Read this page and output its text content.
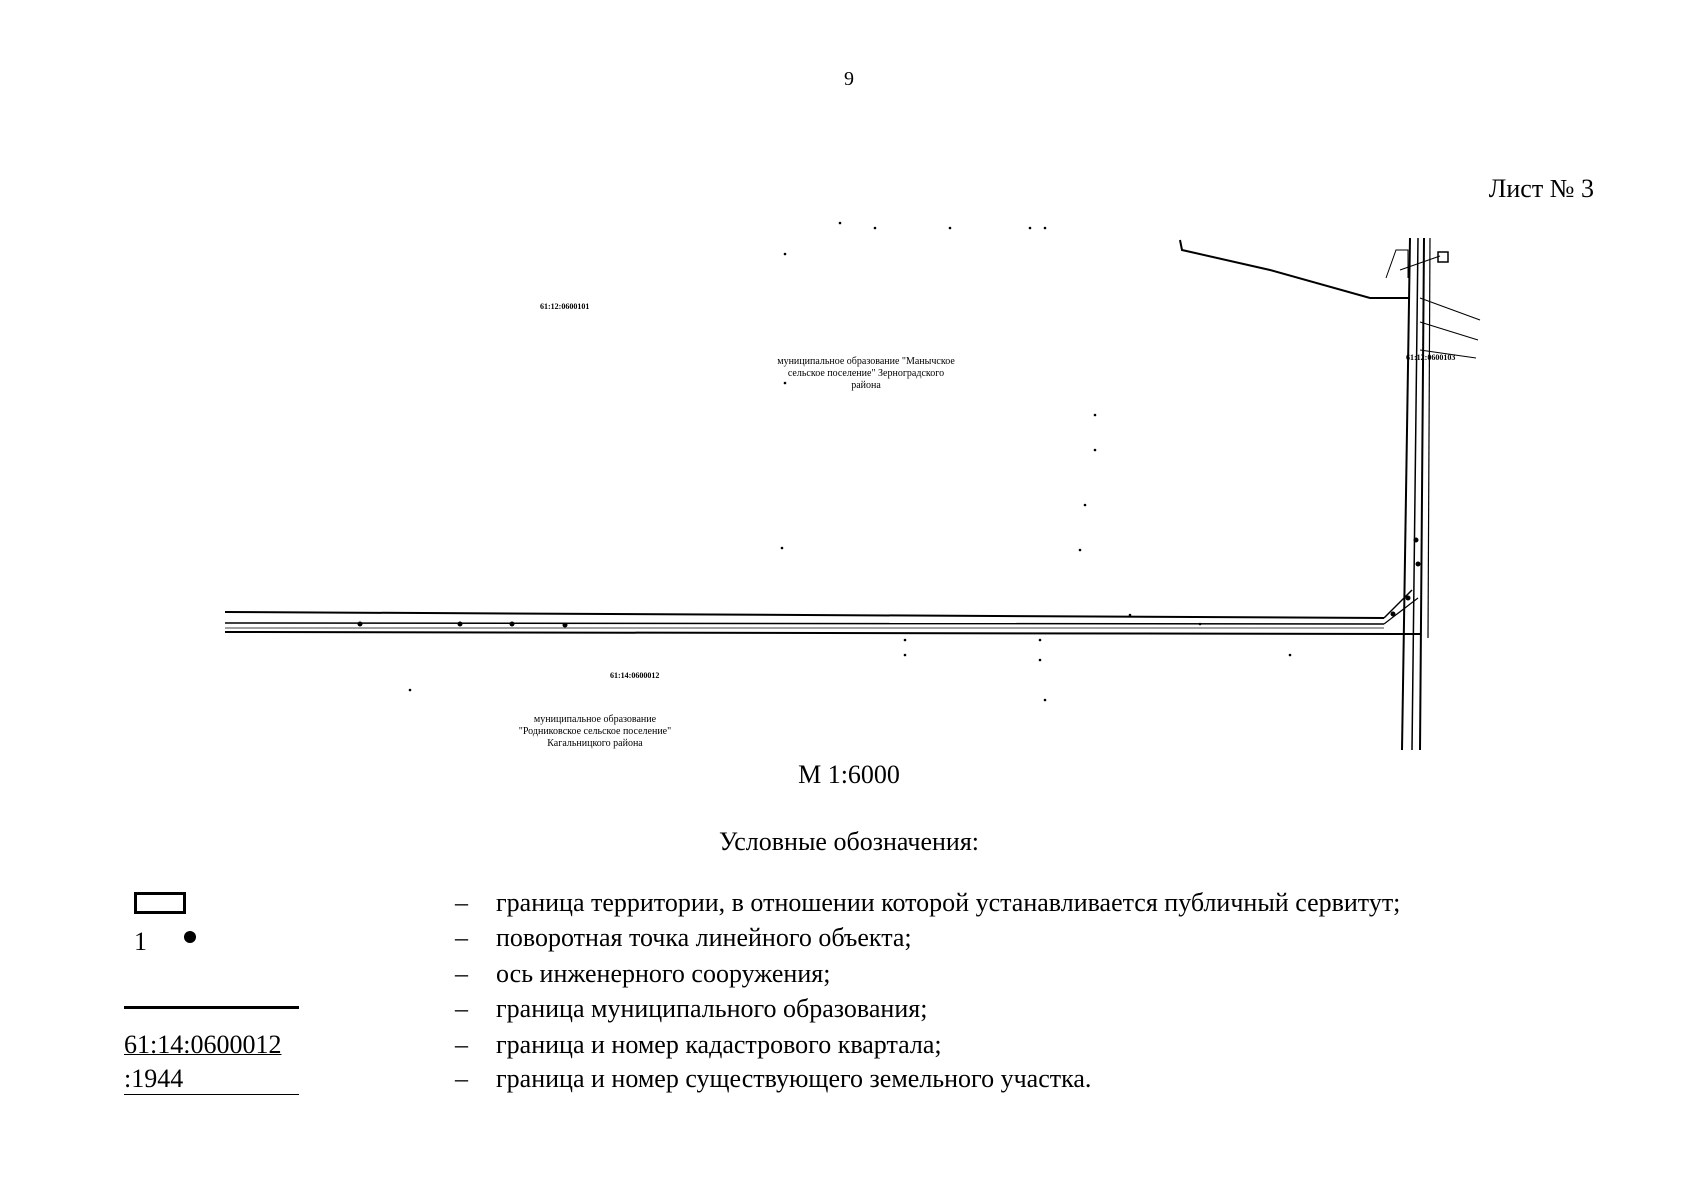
9
Лист № 3
61:12:0600101
61:12:0600103
61:14:0600012
муниципальное образование "Манычское
сельское поселение" Зерноградского
района
муниципальное образование
"Родниковское сельское поселение"
Кагальницкого района
М 1:6000
Условные обозначения:
– граница территории, в отношении которой устанавливается публичный сервитут;
1	– поворотная точка линейного объекта;
– ось инженерного сооружения;
– граница муниципального образования;
61:14:0600012	– граница и номер кадастрового квартала;
:1944	– граница и номер существующего земельного участка.
